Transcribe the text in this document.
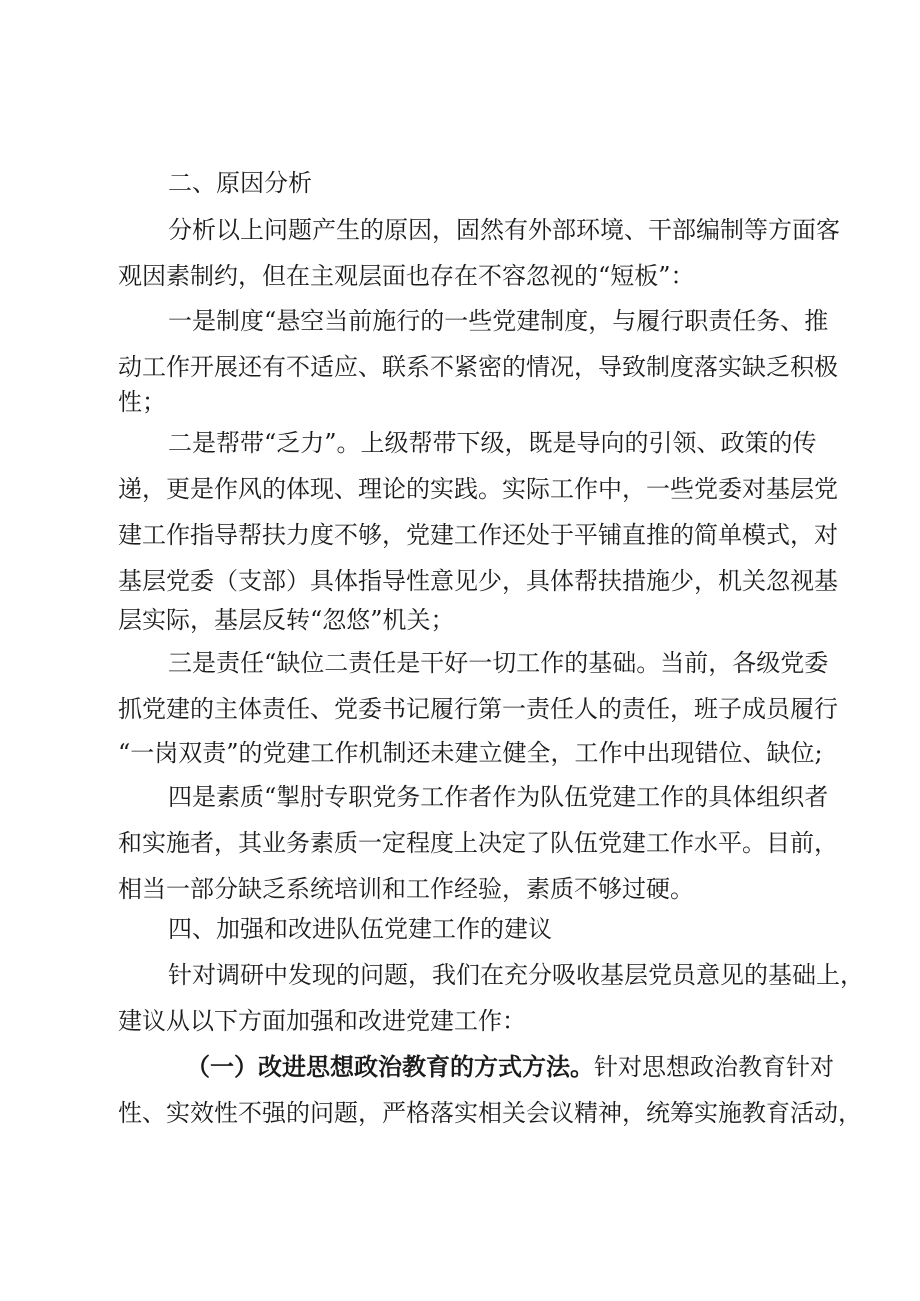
二、原因分析
分析以上问题产生的原因，固然有外部环境、干部编制等方面客
观因素制约，但在主观层面也存在不容忽视的“短板”：
一是制度“悬空当前施行的一些党建制度，与履行职责任务、推
动工作开展还有不适应、联系不紧密的情况，导致制度落实缺乏积极
性；
二是帮带“乏力”。上级帮带下级，既是导向的引领、政策的传
递，更是作风的体现、理论的实践。实际工作中，一些党委对基层党
建工作指导帮扶力度不够，党建工作还处于平铺直推的简单模式，对
基层党委（支部）具体指导性意见少，具体帮扶措施少，机关忽视基
层实际，基层反转“忽悠”机关；
三是责任“缺位二责任是干好一切工作的基础。当前，各级党委
抓党建的主体责任、党委书记履行第一责任人的责任，班子成员履行
“一岗双责”的党建工作机制还未建立健全，工作中出现错位、缺位;
四是素质“掣肘专职党务工作者作为队伍党建工作的具体组织者
和实施者，其业务素质一定程度上决定了队伍党建工作水平。目前，
相当一部分缺乏系统培训和工作经验，素质不够过硬。
四、加强和改进队伍党建工作的建议
针对调研中发现的问题，我们在充分吸收基层党员意见的基础上，
建议从以下方面加强和改进党建工作：
（一）改进思想政治教育的方式方法。针对思想政治教育针对
性、实效性不强的问题，严格落实相关会议精神，统筹实施教育活动，
